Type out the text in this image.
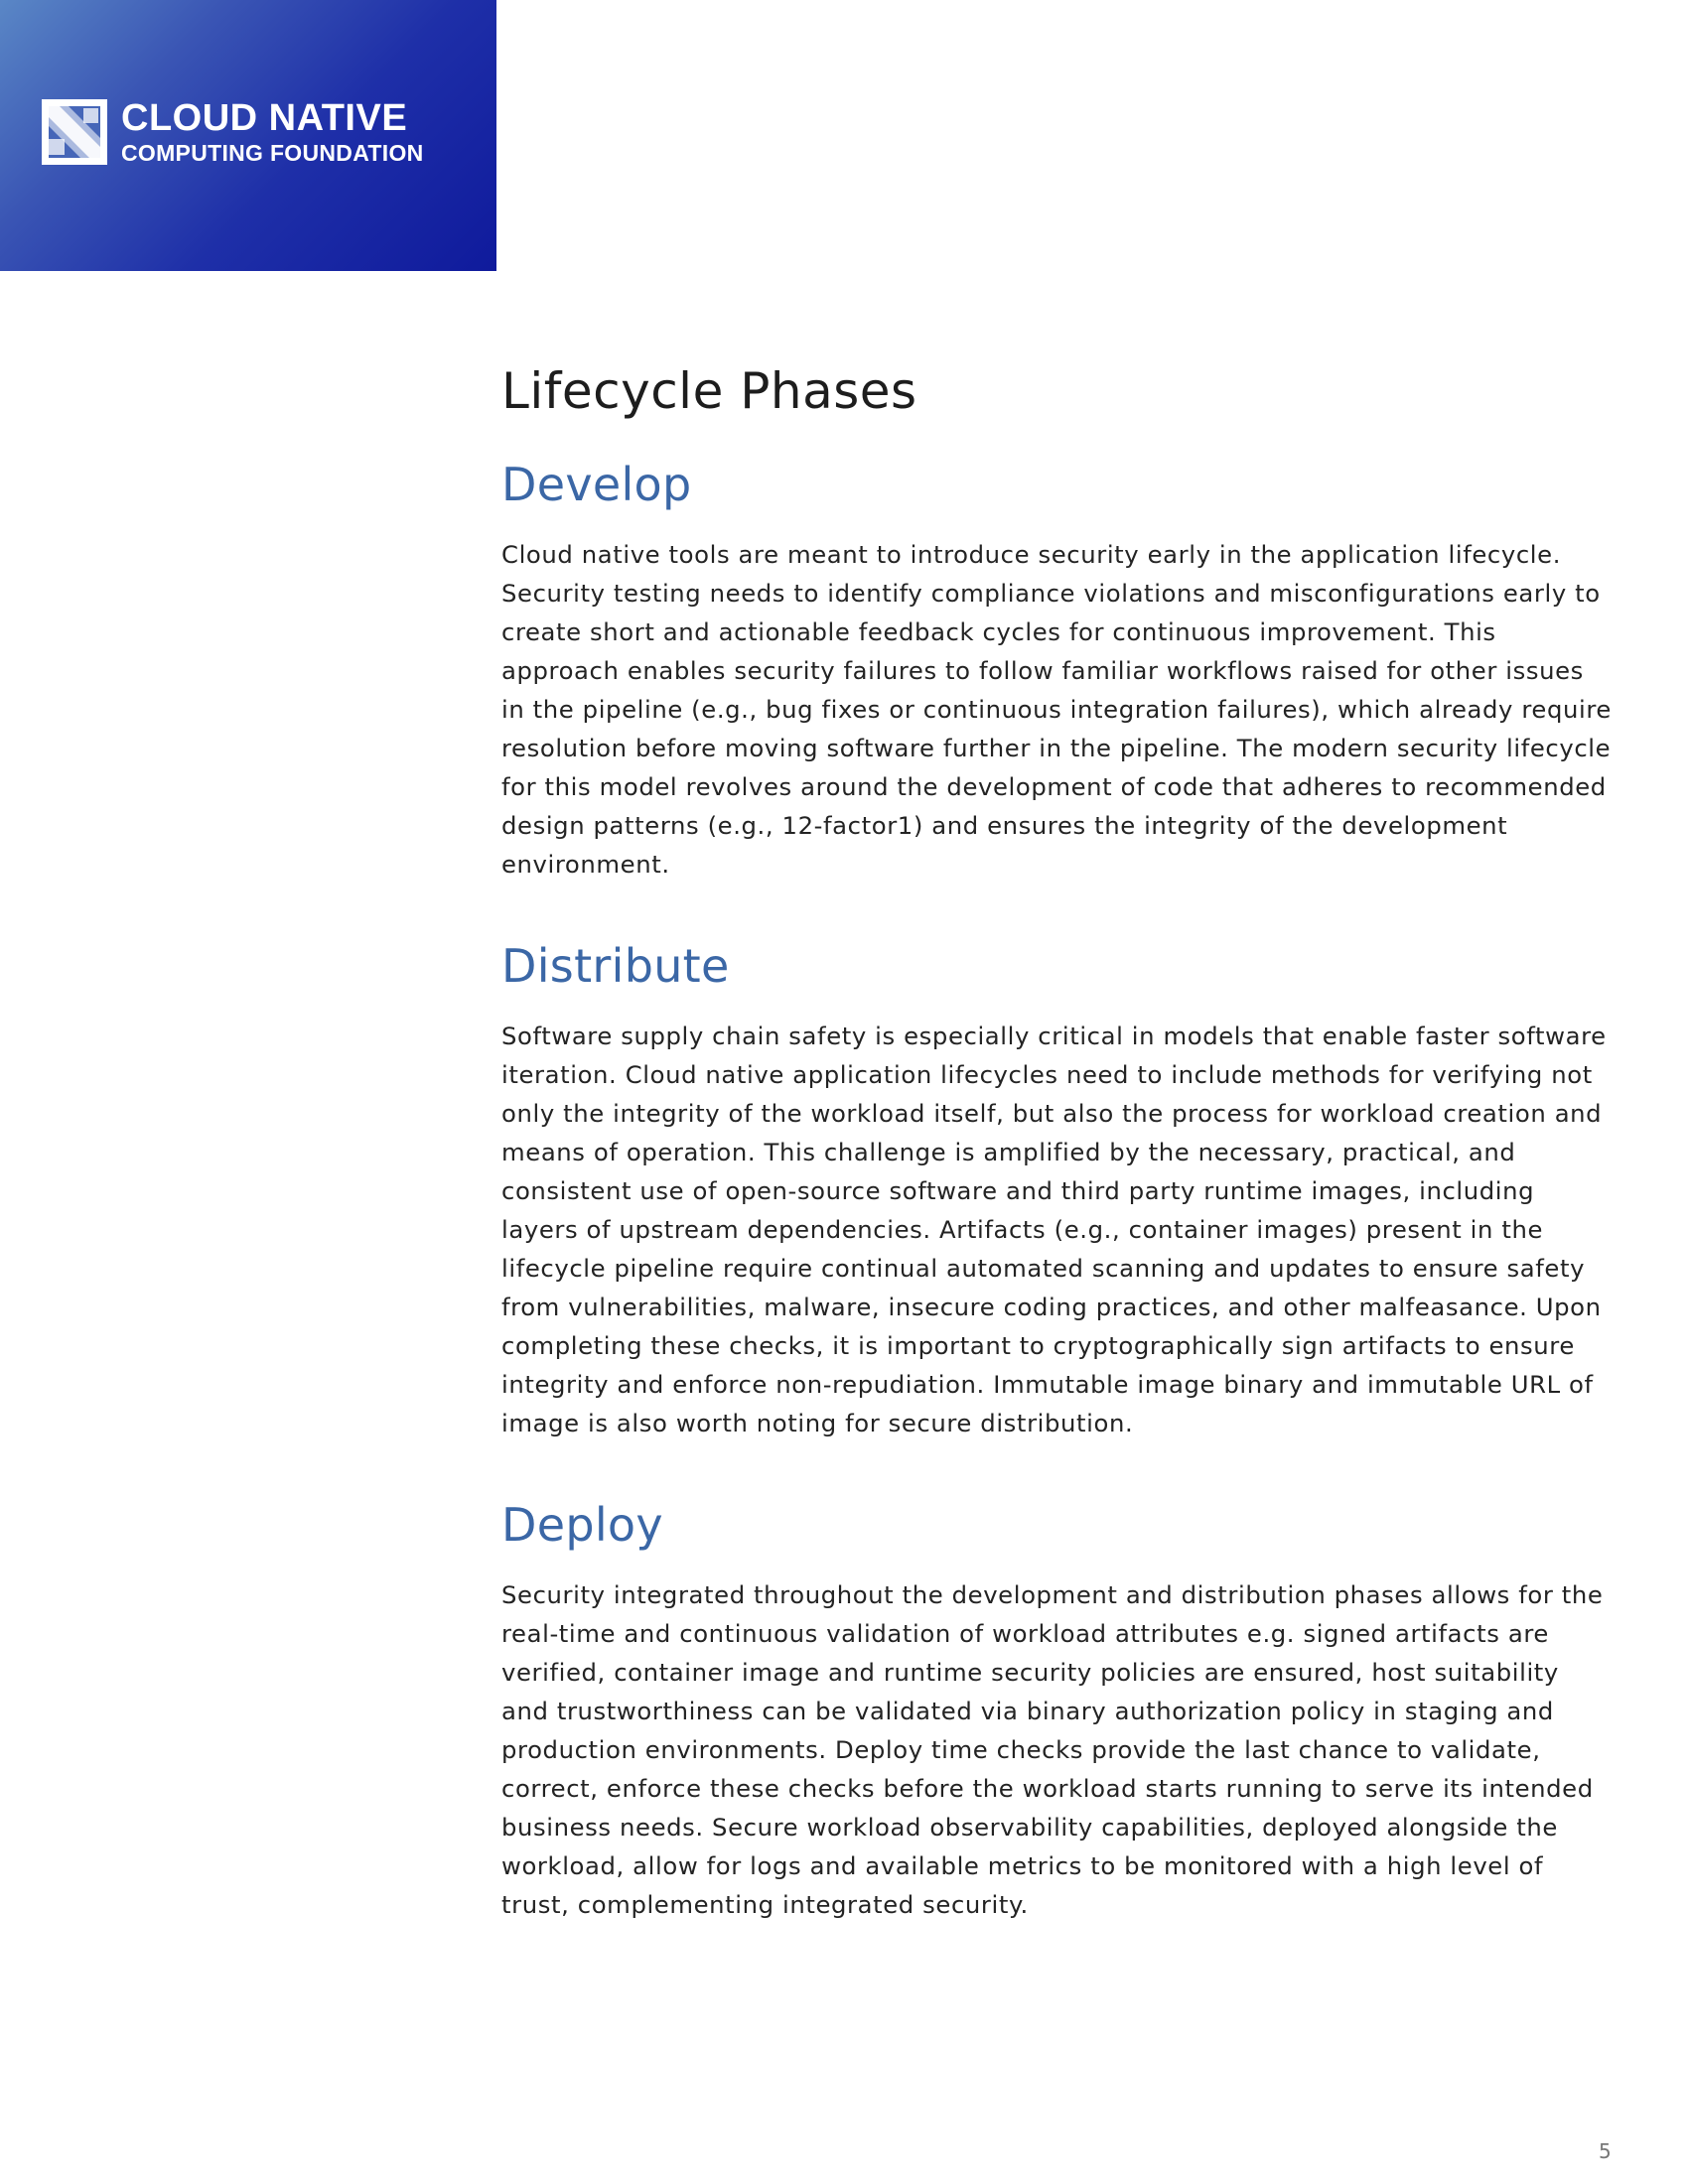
CLOUD NATIVE
COMPUTING FOUNDATION
Lifecycle Phases
Develop

Cloud native tools are meant to introduce security early in the application lifecycle. Security testing needs to identify compliance violations and misconfigurations early to create short and actionable feedback cycles for continuous improvement. This approach enables security failures to follow familiar workflows raised for other issues in the pipeline (e.g., bug fixes or continuous integration failures), which already require resolution before moving software further in the pipeline. The modern security lifecycle for this model revolves around the development of code that adheres to recommended design patterns (e.g., 12-factor1) and ensures the integrity of the development environment.

Distribute

Software supply chain safety is especially critical in models that enable faster software iteration. Cloud native application lifecycles need to include methods for verifying not only the integrity of the workload itself, but also the process for workload creation and means of operation. This challenge is amplified by the necessary, practical, and consistent use of open-source software and third party runtime images, including layers of upstream dependencies. Artifacts (e.g., container images) present in the lifecycle pipeline require continual automated scanning and updates to ensure safety from vulnerabilities, malware, insecure coding practices, and other malfeasance. Upon completing these checks, it is important to cryptographically sign artifacts to ensure integrity and enforce non-repudiation. Immutable image binary and immutable URL of image is also worth noting for secure distribution.

Deploy

Security integrated throughout the development and distribution phases allows for the real-time and continuous validation of workload attributes e.g. signed artifacts are verified, container image and runtime security policies are ensured, host suitability and trustworthiness can be validated via binary authorization policy in staging and production environments. Deploy time checks provide the last chance to validate, correct, enforce these checks before the workload starts running to serve its intended business needs. Secure workload observability capabilities, deployed alongside the workload, allow for logs and available metrics to be monitored with a high level of trust, complementing integrated security.

5
